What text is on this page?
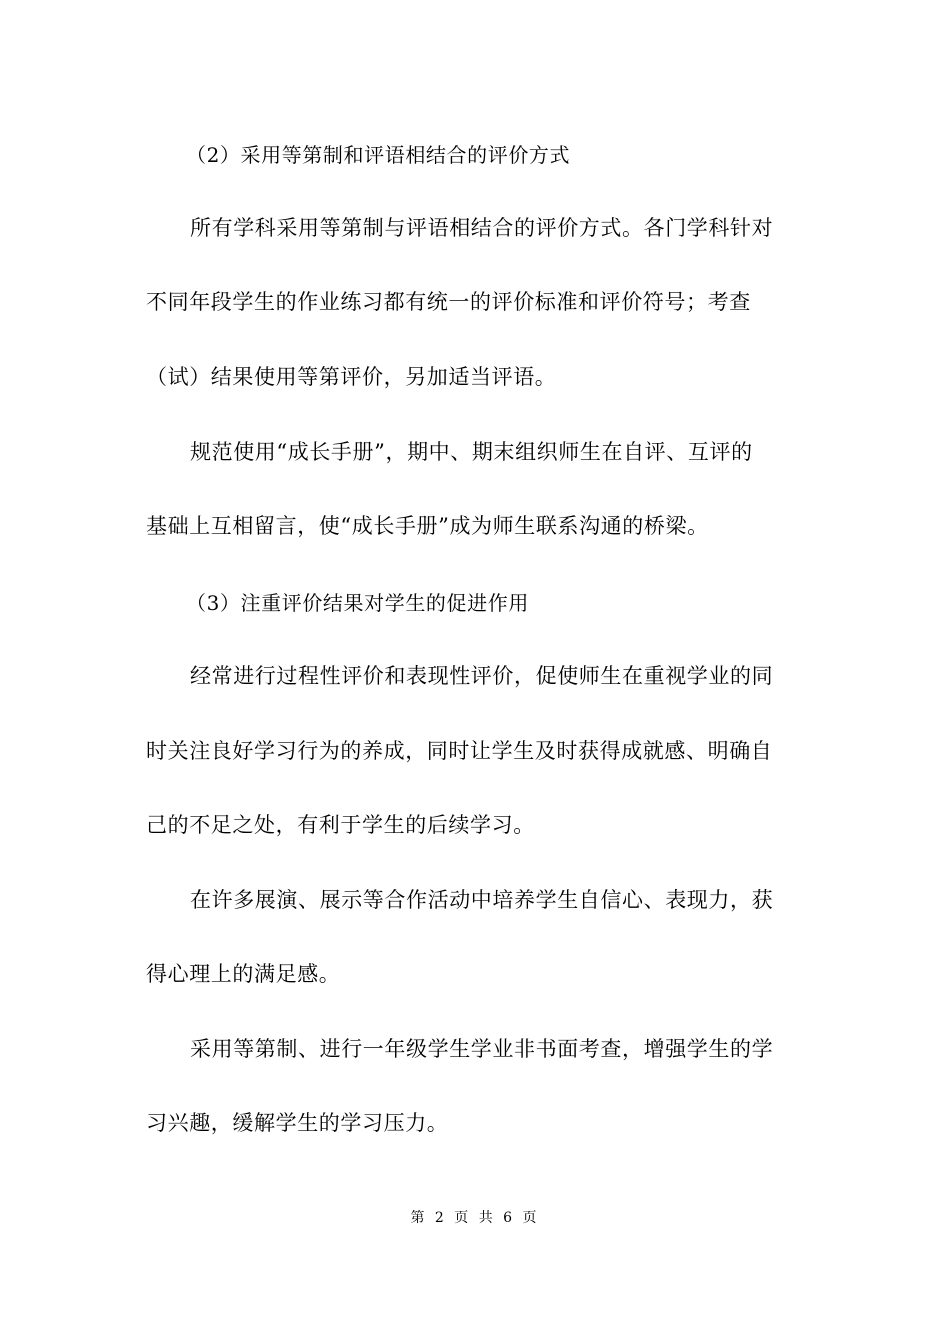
（2）采用等第制和评语相结合的评价方式
所有学科采用等第制与评语相结合的评价方式。各门学科针对
不同年段学生的作业练习都有统一的评价标准和评价符号；考查
（试）结果使用等第评价，另加适当评语。
规范使用“成长手册”，期中、期末组织师生在自评、互评的
基础上互相留言，使“成长手册”成为师生联系沟通的桥梁。
（3）注重评价结果对学生的促进作用
经常进行过程性评价和表现性评价，促使师生在重视学业的同
时关注良好学习行为的养成，同时让学生及时获得成就感、明确自
己的不足之处，有利于学生的后续学习。
在许多展演、展示等合作活动中培养学生自信心、表现力，获
得心理上的满足感。
采用等第制、进行一年级学生学业非书面考查，增强学生的学
习兴趣，缓解学生的学习压力。
第 2 页 共 6 页
